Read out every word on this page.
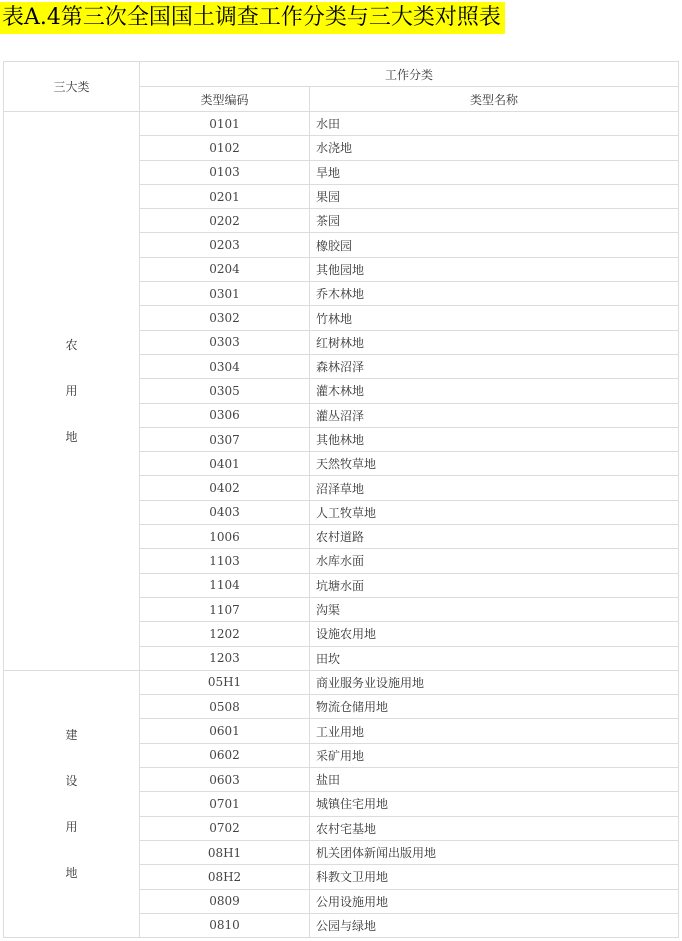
表A.4第三次全国国土调查工作分类与三大类对照表
三大类	工作分类	
	类型编码	类型名称

农
用
地	0101	水田
	0102	水浇地
	0103	旱地
	0201	果园
	0202	茶园
	0203	橡胶园
	0204	其他园地
	0301	乔木林地
	0302	竹林地
	0303	红树林地
	0304	森林沼泽
	0305	灌木林地
	0306	灌丛沼泽
	0307	其他林地
	0401	天然牧草地
	0402	沼泽草地
	0403	人工牧草地
	1006	农村道路
	1103	水库水面
	1104	坑塘水面
	1107	沟渠
	1202	设施农用地
	1203	田坎

建
设
用
地	05H1	商业服务业设施用地
	0508	物流仓储用地
	0601	工业用地
	0602	采矿用地
	0603	盐田
	0701	城镇住宅用地
	0702	农村宅基地
	08H1	机关团体新闻出版用地
	08H2	科教文卫用地
	0809	公用设施用地
	0810	公园与绿地
